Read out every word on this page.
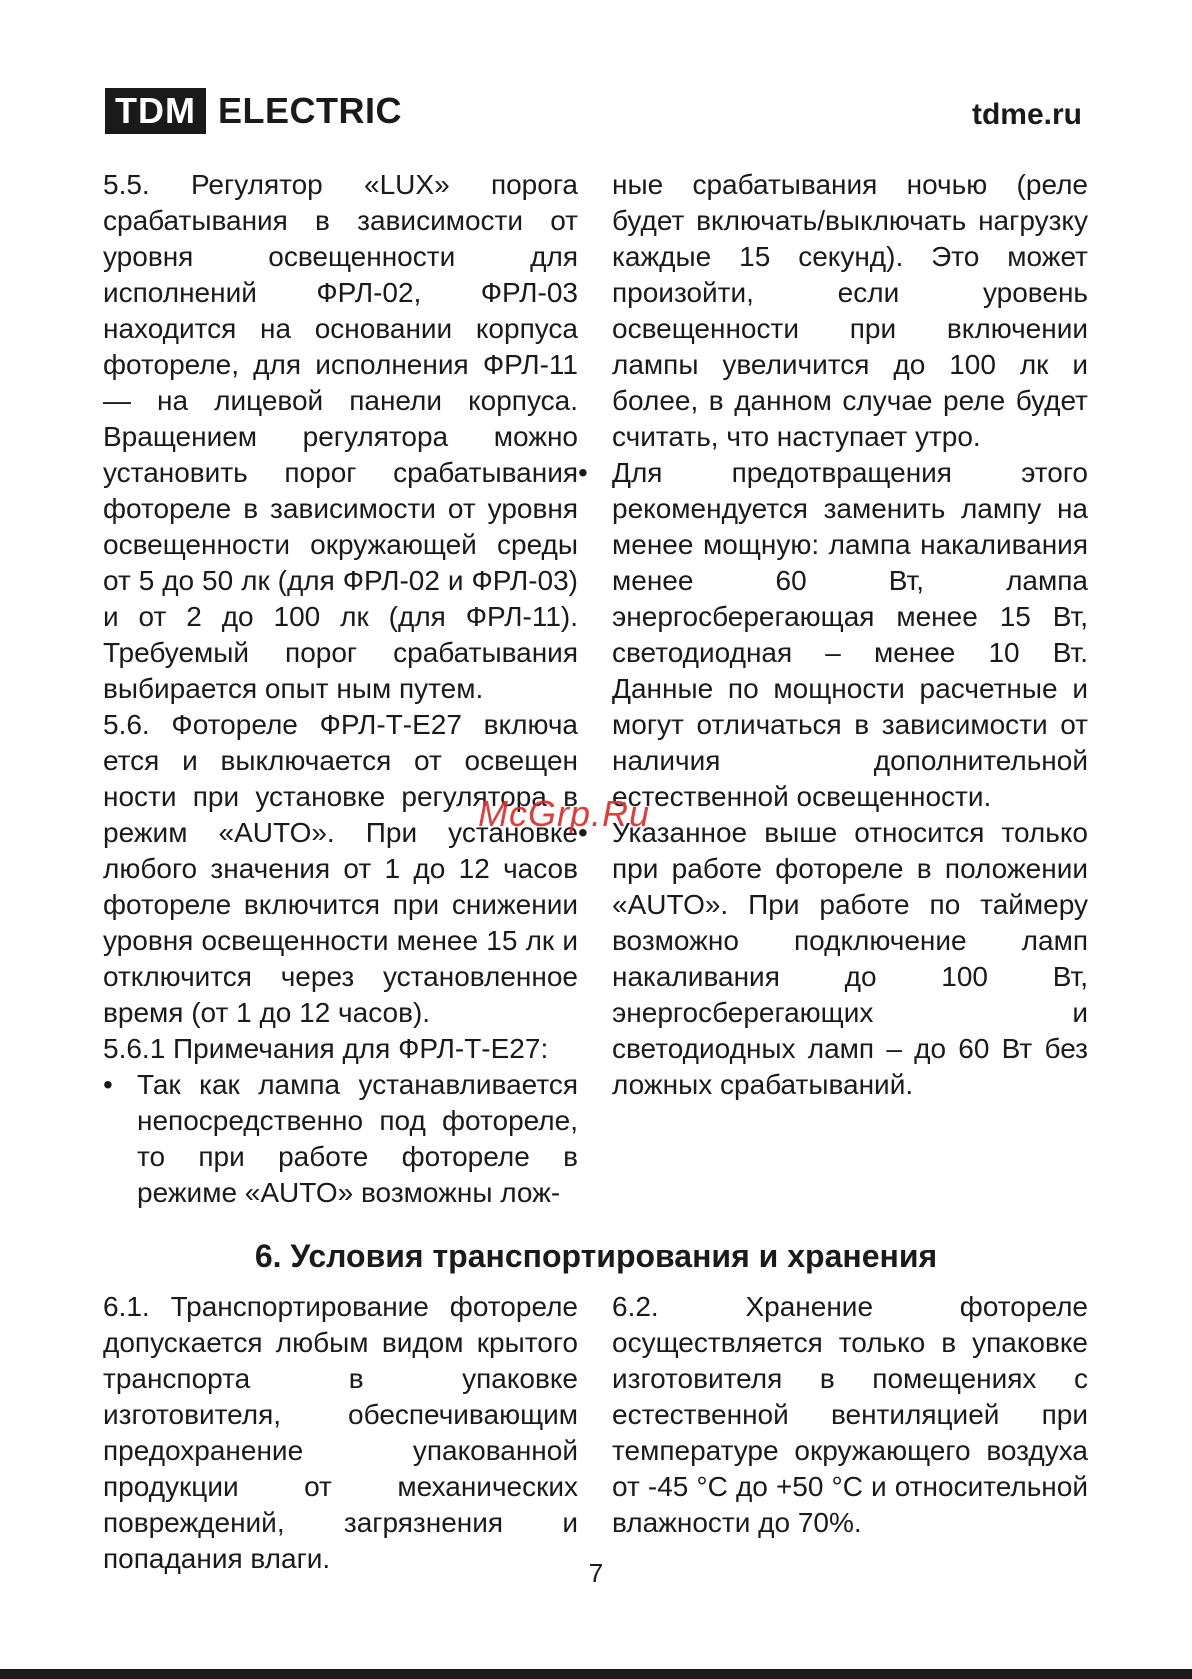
TDM ELECTRIC	tdme.ru

5.5. Регулятор «LUX» порога срабатывания в зависимости от уровня освещенности для исполнений ФРЛ-02, ФРЛ-03 находится на основании корпуса фотореле, для исполнения ФРЛ-11 — на лицевой панели корпуса. Вращением регулятора можно установить порог срабатывания фотореле в зависимости от уровня освещенности окружающей среды от 5 до 50 лк (для ФРЛ-02 и ФРЛ-03) и от 2 до 100 лк (для ФРЛ-11). Требуемый порог срабатывания выбирается опыт ным путем.

5.6. Фотореле ФРЛ-Т-Е27 включа ется и выключается от освещен ности при установке регулятора в режим «AUTO». При установке любого значения от 1 до 12 часов фотореле включится при снижении уровня освещенности менее 15 лк и отключится через установленное время (от 1 до 12 часов).

5.6.1 Примечания для ФРЛ-Т-Е27:

• Так как лампа устанавливается непосредственно под фотореле, то при работе фотореле в режиме «AUTO» возможны лож-

ные срабатывания ночью (реле будет включать/выключать нагрузку каждые 15 секунд). Это может произойти, если уровень освещенности при включении лампы увеличится до 100 лк и более, в данном случае реле будет считать, что наступает утро.

• Для предотвращения этого рекомендуется заменить лампу на менее мощную: лампа накаливания менее 60 Вт, лампа энергосберегающая менее 15 Вт, светодиодная – менее 10 Вт. Данные по мощности расчетные и могут отличаться в зависимости от наличия дополнительной естественной освещенности.
• Указанное выше относится только при работе фотореле в положении «AUTO». При работе по таймеру возможно подключение ламп накаливания до 100 Вт, энергосберегающих и светодиодных ламп – до 60 Вт без ложных срабатываний.
6. Условия транспортирования и хранения

6.1. Транспортирование фотореле допускается любым видом крытого транспорта в упаковке изготовителя, обеспечивающим предохранение упакованной продукции от механических повреждений, загрязнения и попадания влаги.

6.2. Хранение фотореле осуществляется только в упаковке изготовителя в помещениях с естественной вентиляцией при температуре окружающего воздуха от -45 °С до +50 °С и относительной влажности до 70%.

McGrp.Ru
7
